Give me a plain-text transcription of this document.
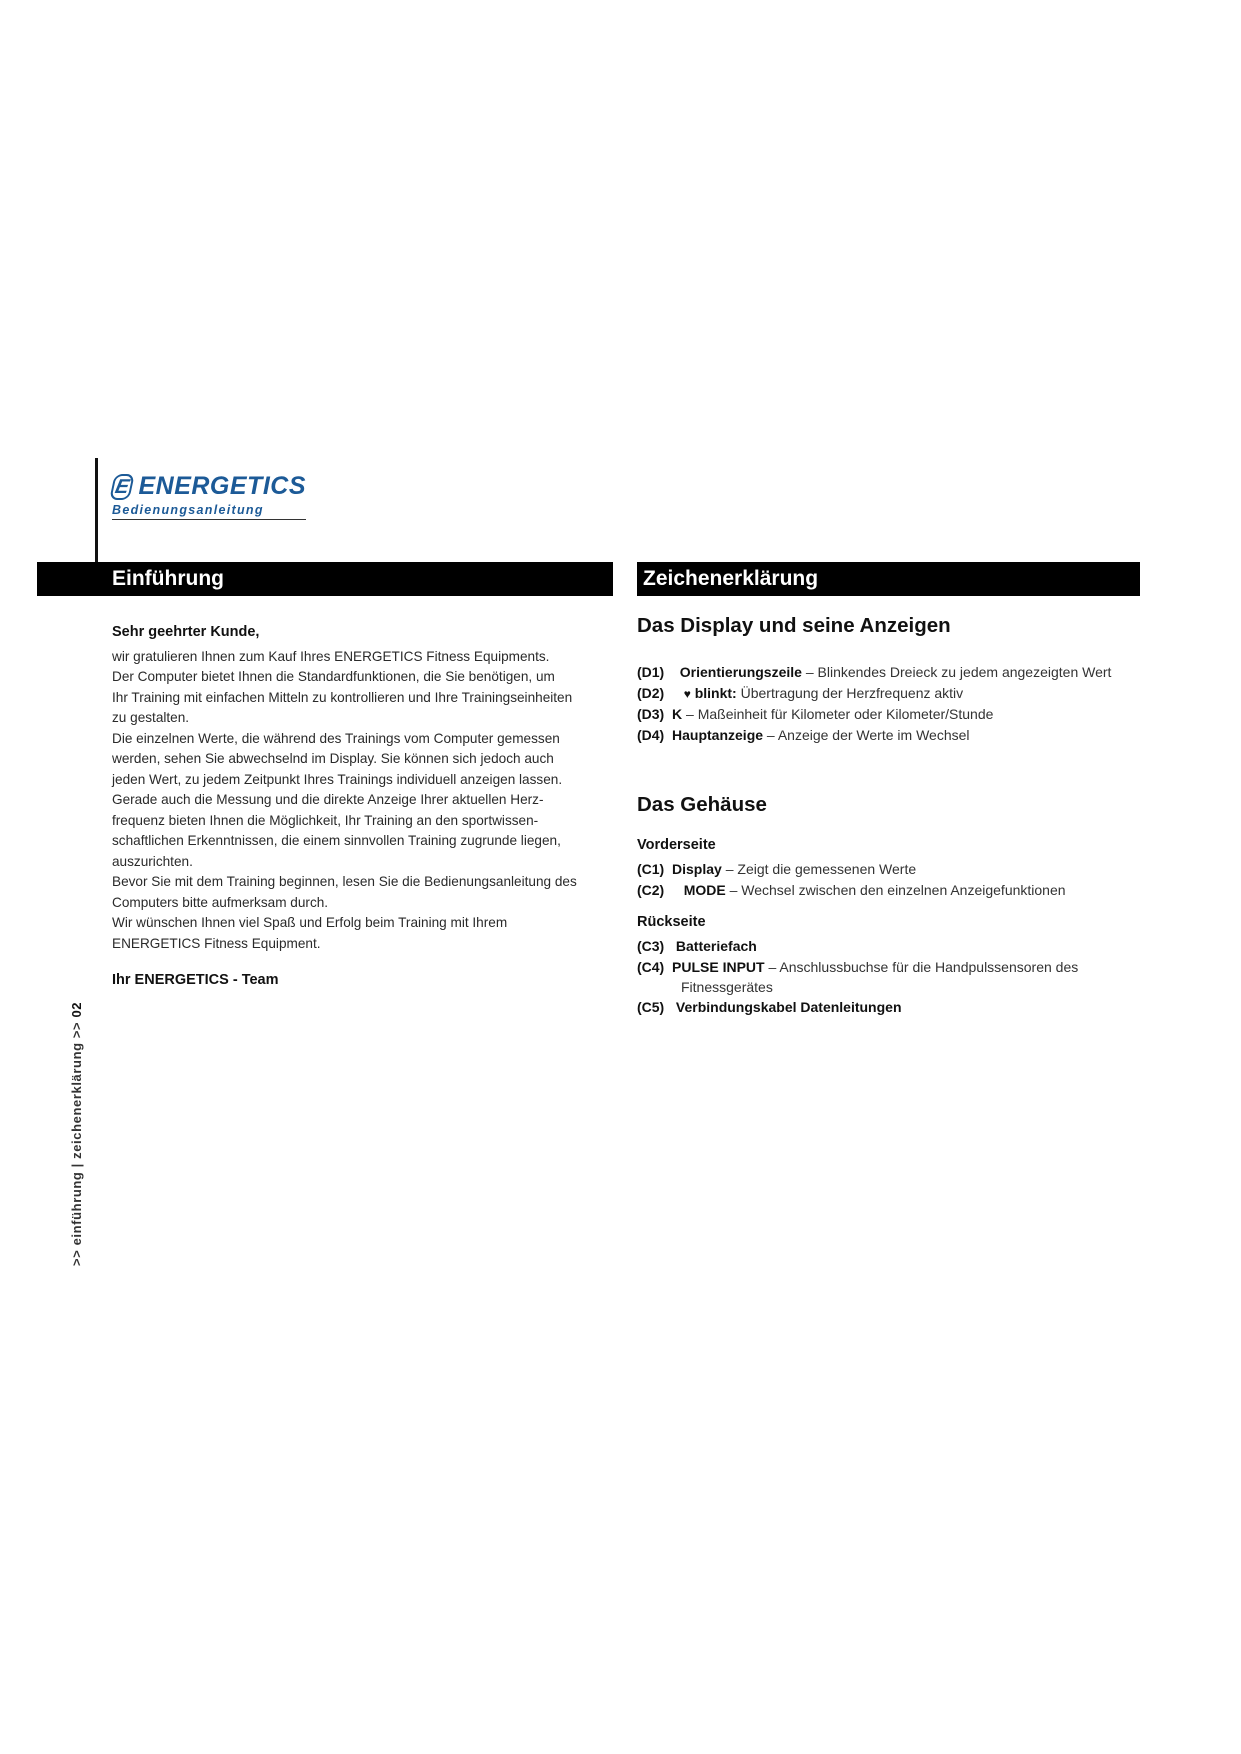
E ENERGETICS
Bedienungsanleitung
Einführung	Zeichenerklärung

Sehr geehrter Kunde,

wir gratulieren Ihnen zum Kauf Ihres ENERGETICS Fitness Equipments.

Der Computer bietet Ihnen die Standardfunktionen, die Sie benötigen, um

Ihr Training mit einfachen Mitteln zu kontrollieren und Ihre Trainingseinheiten

zu gestalten.

Die einzelnen Werte, die während des Trainings vom Computer gemessen

werden, sehen Sie abwechselnd im Display. Sie können sich jedoch auch

jeden Wert, zu jedem Zeitpunkt Ihres Trainings individuell anzeigen lassen.

Gerade auch die Messung und die direkte Anzeige Ihrer aktuellen Herz-

frequenz bieten Ihnen die Möglichkeit, Ihr Training an den sportwissen-

schaftlichen Erkenntnissen, die einem sinnvollen Training zugrunde liegen,

auszurichten.

Bevor Sie mit dem Training beginnen, lesen Sie die Bedienungsanleitung des

Computers bitte aufmerksam durch.

Wir wünschen Ihnen viel Spaß und Erfolg beim Training mit Ihrem

ENERGETICS Fitness Equipment.

Ihr ENERGETICS - Team

Das Display und seine Anzeigen

(D1) Orientierungszeile – Blinkendes Dreieck zu jedem angezeigten Wert

(D2) ♥ blinkt: Übertragung der Herzfrequenz aktiv

(D3) K – Maßeinheit für Kilometer oder Kilometer/Stunde

(D4) Hauptanzeige – Anzeige der Werte im Wechsel

Das Gehäuse

Vorderseite

(C1) Display – Zeigt die gemessenen Werte

(C2) MODE – Wechsel zwischen den einzelnen Anzeigefunktionen

Rückseite

(C3) Batteriefach

(C4) PULSE INPUT – Anschlussbuchse für die Handpulssensoren des

Fitnessgerätes

(C5) Verbindungskabel Datenleitungen

>> einführung | zeichenerklärung >> 02
